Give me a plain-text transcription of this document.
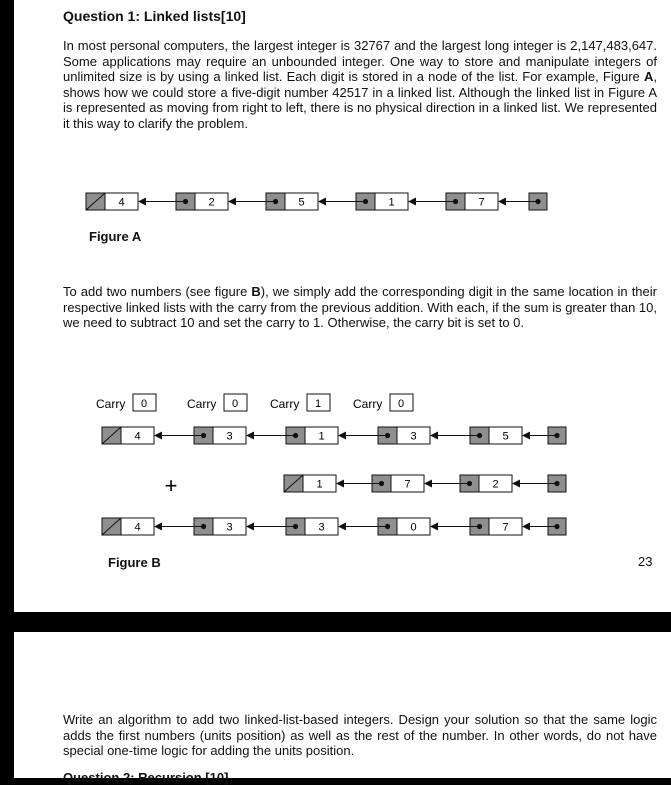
Question 1: Linked lists[10]
In most personal computers, the largest integer is 32767 and the largest long integer is 2,147,483,647. Some applications may require an unbounded integer. One way to store and manipulate integers of unlimited size is by using a linked list. Each digit is stored in a node of the list. For example, Figure A, shows how we could store a five-digit number 42517 in a linked list. Although the linked list in Figure A is represented as moving from right to left, there is no physical direction in a linked list. We represented it this way to clarify the problem.
To add two numbers (see figure B), we simply add the corresponding digit in the same location in their respective linked lists with the carry from the previous addition. With each, if the sum is greater than 10, we need to subtract 10 and set the carry to 1. Otherwise, the carry bit is set to 0.
Write an algorithm to add two linked-list-based integers. Design your solution so that the same logic adds the first numbers (units position) as well as the rest of the number. In other words, do not have special one-time logic for adding the units position.
Figure A
Figure B	23
Question 2: Recursion [10]
4	2	5	1	7
Carry 0	Carry 0	Carry 1	Carry 0
4	3	1	3	5
+	1	7	2
4	3	3	0	7
